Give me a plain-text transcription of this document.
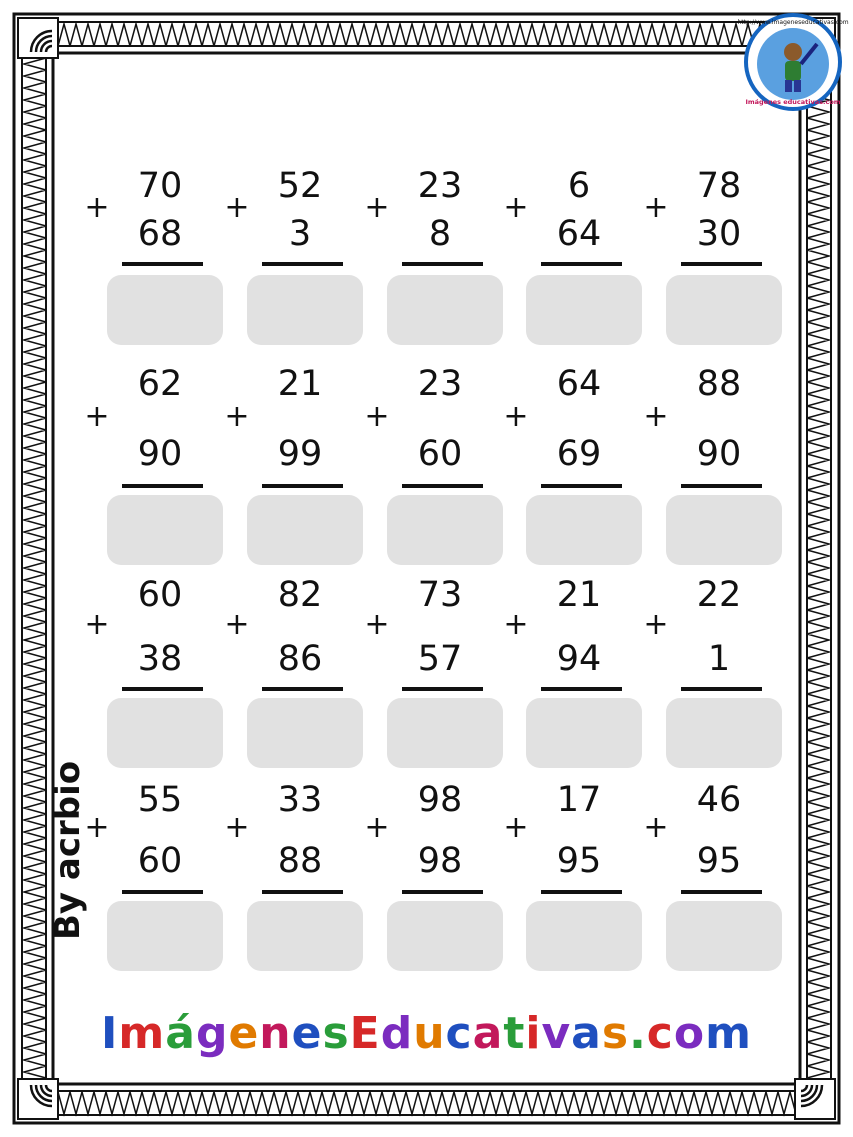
http://www.imageneseducativas.com
Imágenes educativas.com
+
70
68
+
52
3
+
23
8
+
6
64
+
78
30
+
62
90
+
21
99
+
23
60
+
64
69
+
88
90
+
60
38
+
82
86
+
73
57
+
21
94
+
22
1
+
55
60
+
33
88
+
98
98
+
17
95
+
46
95
By acrbio
ImágenesEducativas.com
